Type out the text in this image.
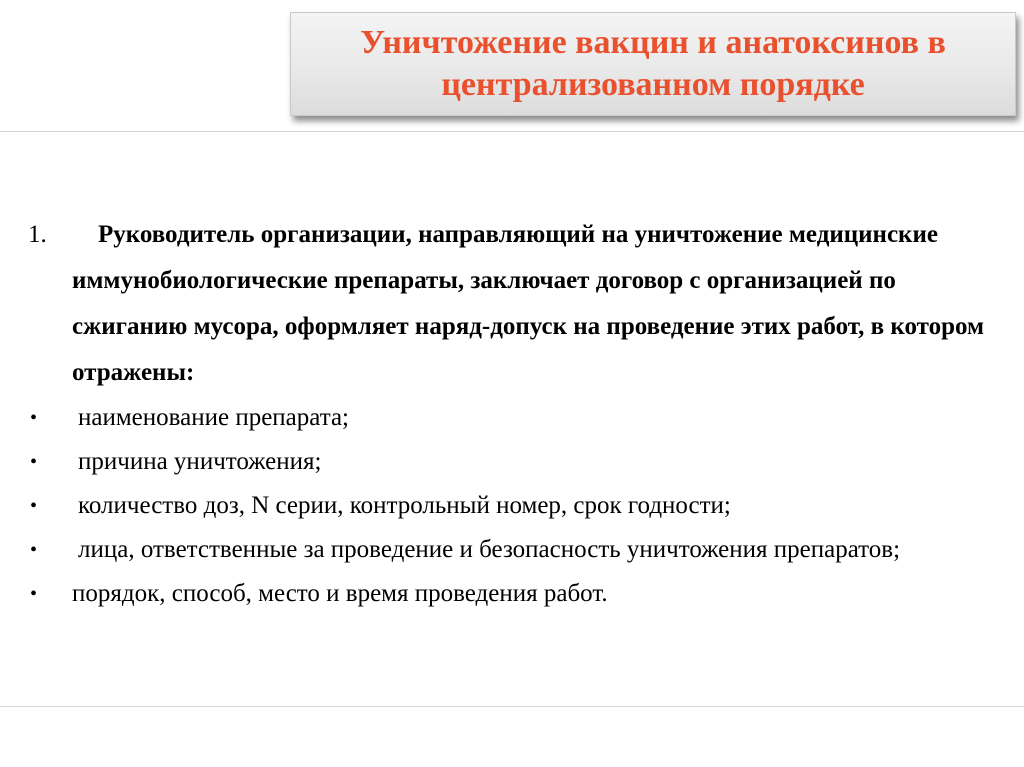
Уничтожение вакцин и анатоксинов в
централизованном порядке
1.	Руководитель организации, направляющий на уничтожение медицинские иммунобиологические препараты, заключает договор с организацией по сжиганию мусора, оформляет наряд-допуск на проведение этих работ, в котором отражены:
• наименование препарата;
• причина уничтожения;
• количество доз, N серии, контрольный номер, срок годности;
• лица, ответственные за проведение и безопасность уничтожения препаратов;
• порядок, способ, место и время проведения работ.
